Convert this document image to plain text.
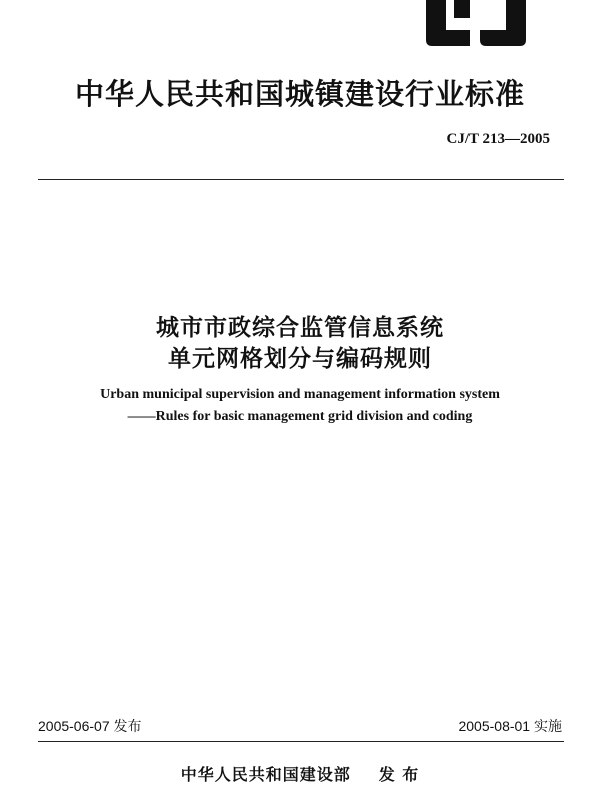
中华人民共和国城镇建设行业标准
CJ/T 213—2005
城市市政综合监管信息系统
单元网格划分与编码规则
Urban municipal supervision and management information system
——Rules for basic management grid division and coding
2005-06-07 发布	2005-08-01 实施
中华人民共和国建设部 发 布
